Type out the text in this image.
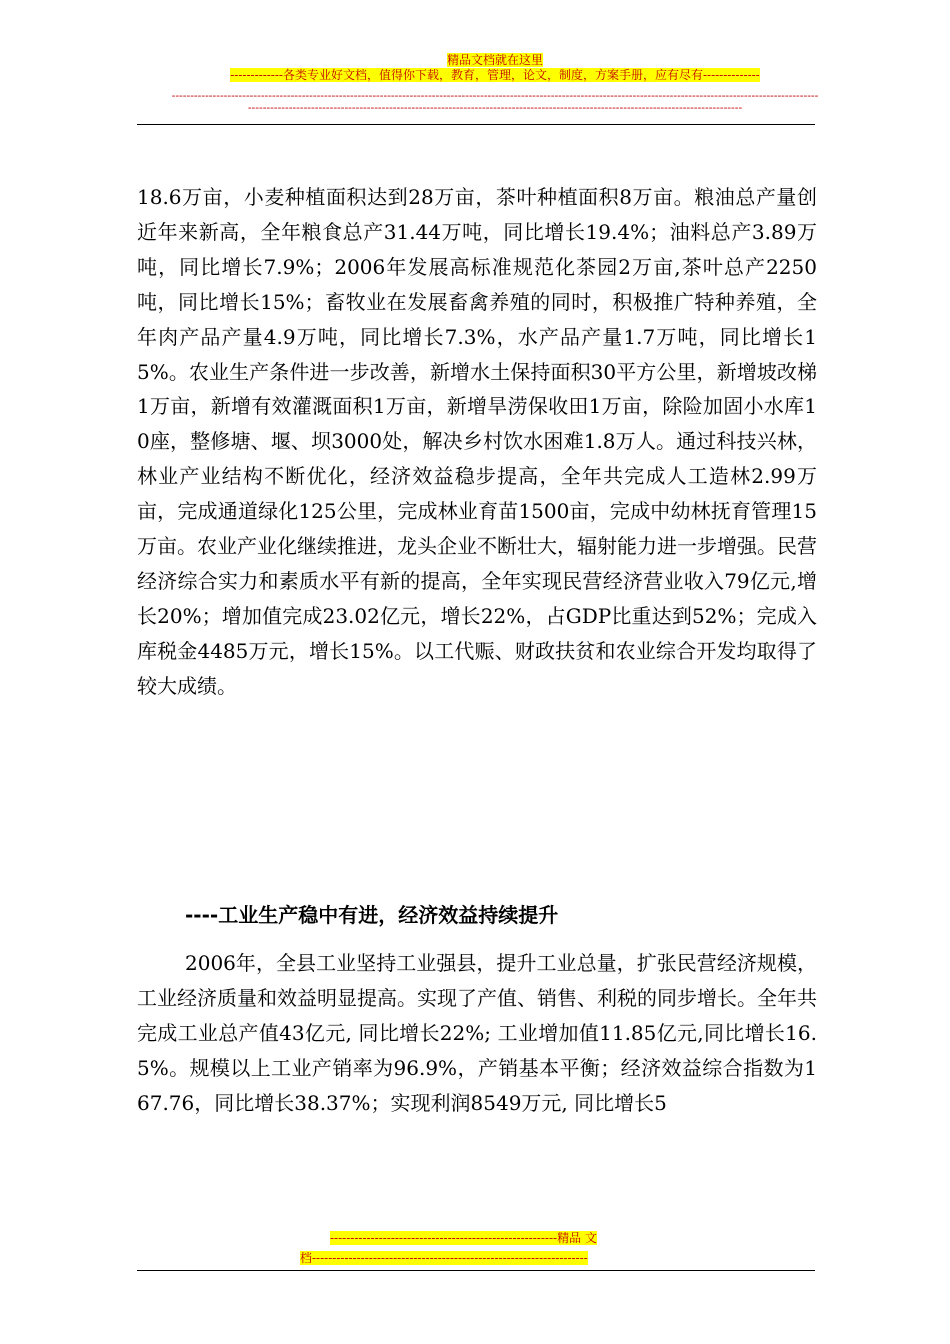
精品文档就在这里
-------------各类专业好文档，值得你下载，教育，管理，论文，制度，方案手册，应有尽有--------------
-------------------------------------------------------------------------------------------------------------------------------------------------------------------------------------------------------------------------------------------------------------------------------------------------------------------

18.6万亩，小麦种植面积达到28万亩，茶叶种植面积8万亩。粮油总产量创近年来新高，全年粮食总产31.44万吨，同比增长19.4%；油料总产3.89万吨，同比增长7.9%；2006年发展高标准规范化茶园2万亩,茶叶总产2250吨，同比增长15%；畜牧业在发展畜禽养殖的同时，积极推广特种养殖，全年肉产品产量4.9万吨，同比增长7.3%，水产品产量1.7万吨，同比增长15%。农业生产条件进一步改善，新增水土保持面积30平方公里，新增坡改梯1万亩，新增有效灌溉面积1万亩，新增旱涝保收田1万亩，除险加固小水库10座，整修塘、堰、坝3000处，解决乡村饮水困难1.8万人。通过科技兴林，林业产业结构不断优化，经济效益稳步提高，全年共完成人工造林2.99万亩，完成通道绿化125公里，完成林业育苗1500亩，完成中幼林抚育管理15万亩。农业产业化继续推进，龙头企业不断壮大，辐射能力进一步增强。民营经济综合实力和素质水平有新的提高，全年实现民营经济营业收入79亿元,增长20%；增加值完成23.02亿元，增长22%，占GDP比重达到52%；完成入库税金4485万元，增长15%。以工代赈、财政扶贫和农业综合开发均取得了较大成绩。

----工业生产稳中有进，经济效益持续提升

2006年，全县工业坚持工业强县，提升工业总量，扩张民营经济规模，工业经济质量和效益明显提高。实现了产值、销售、利税的同步增长。全年共完成工业总产值43亿元, 同比增长22%; 工业增加值11.85亿元,同比增长16.5%。规模以上工业产销率为96.9%，产销基本平衡；经济效益综合指数为167.76，同比增长38.37%；实现利润8549万元, 同比增长5

--------------------------------------------------------精品 文
档--------------------------------------------------------------------
